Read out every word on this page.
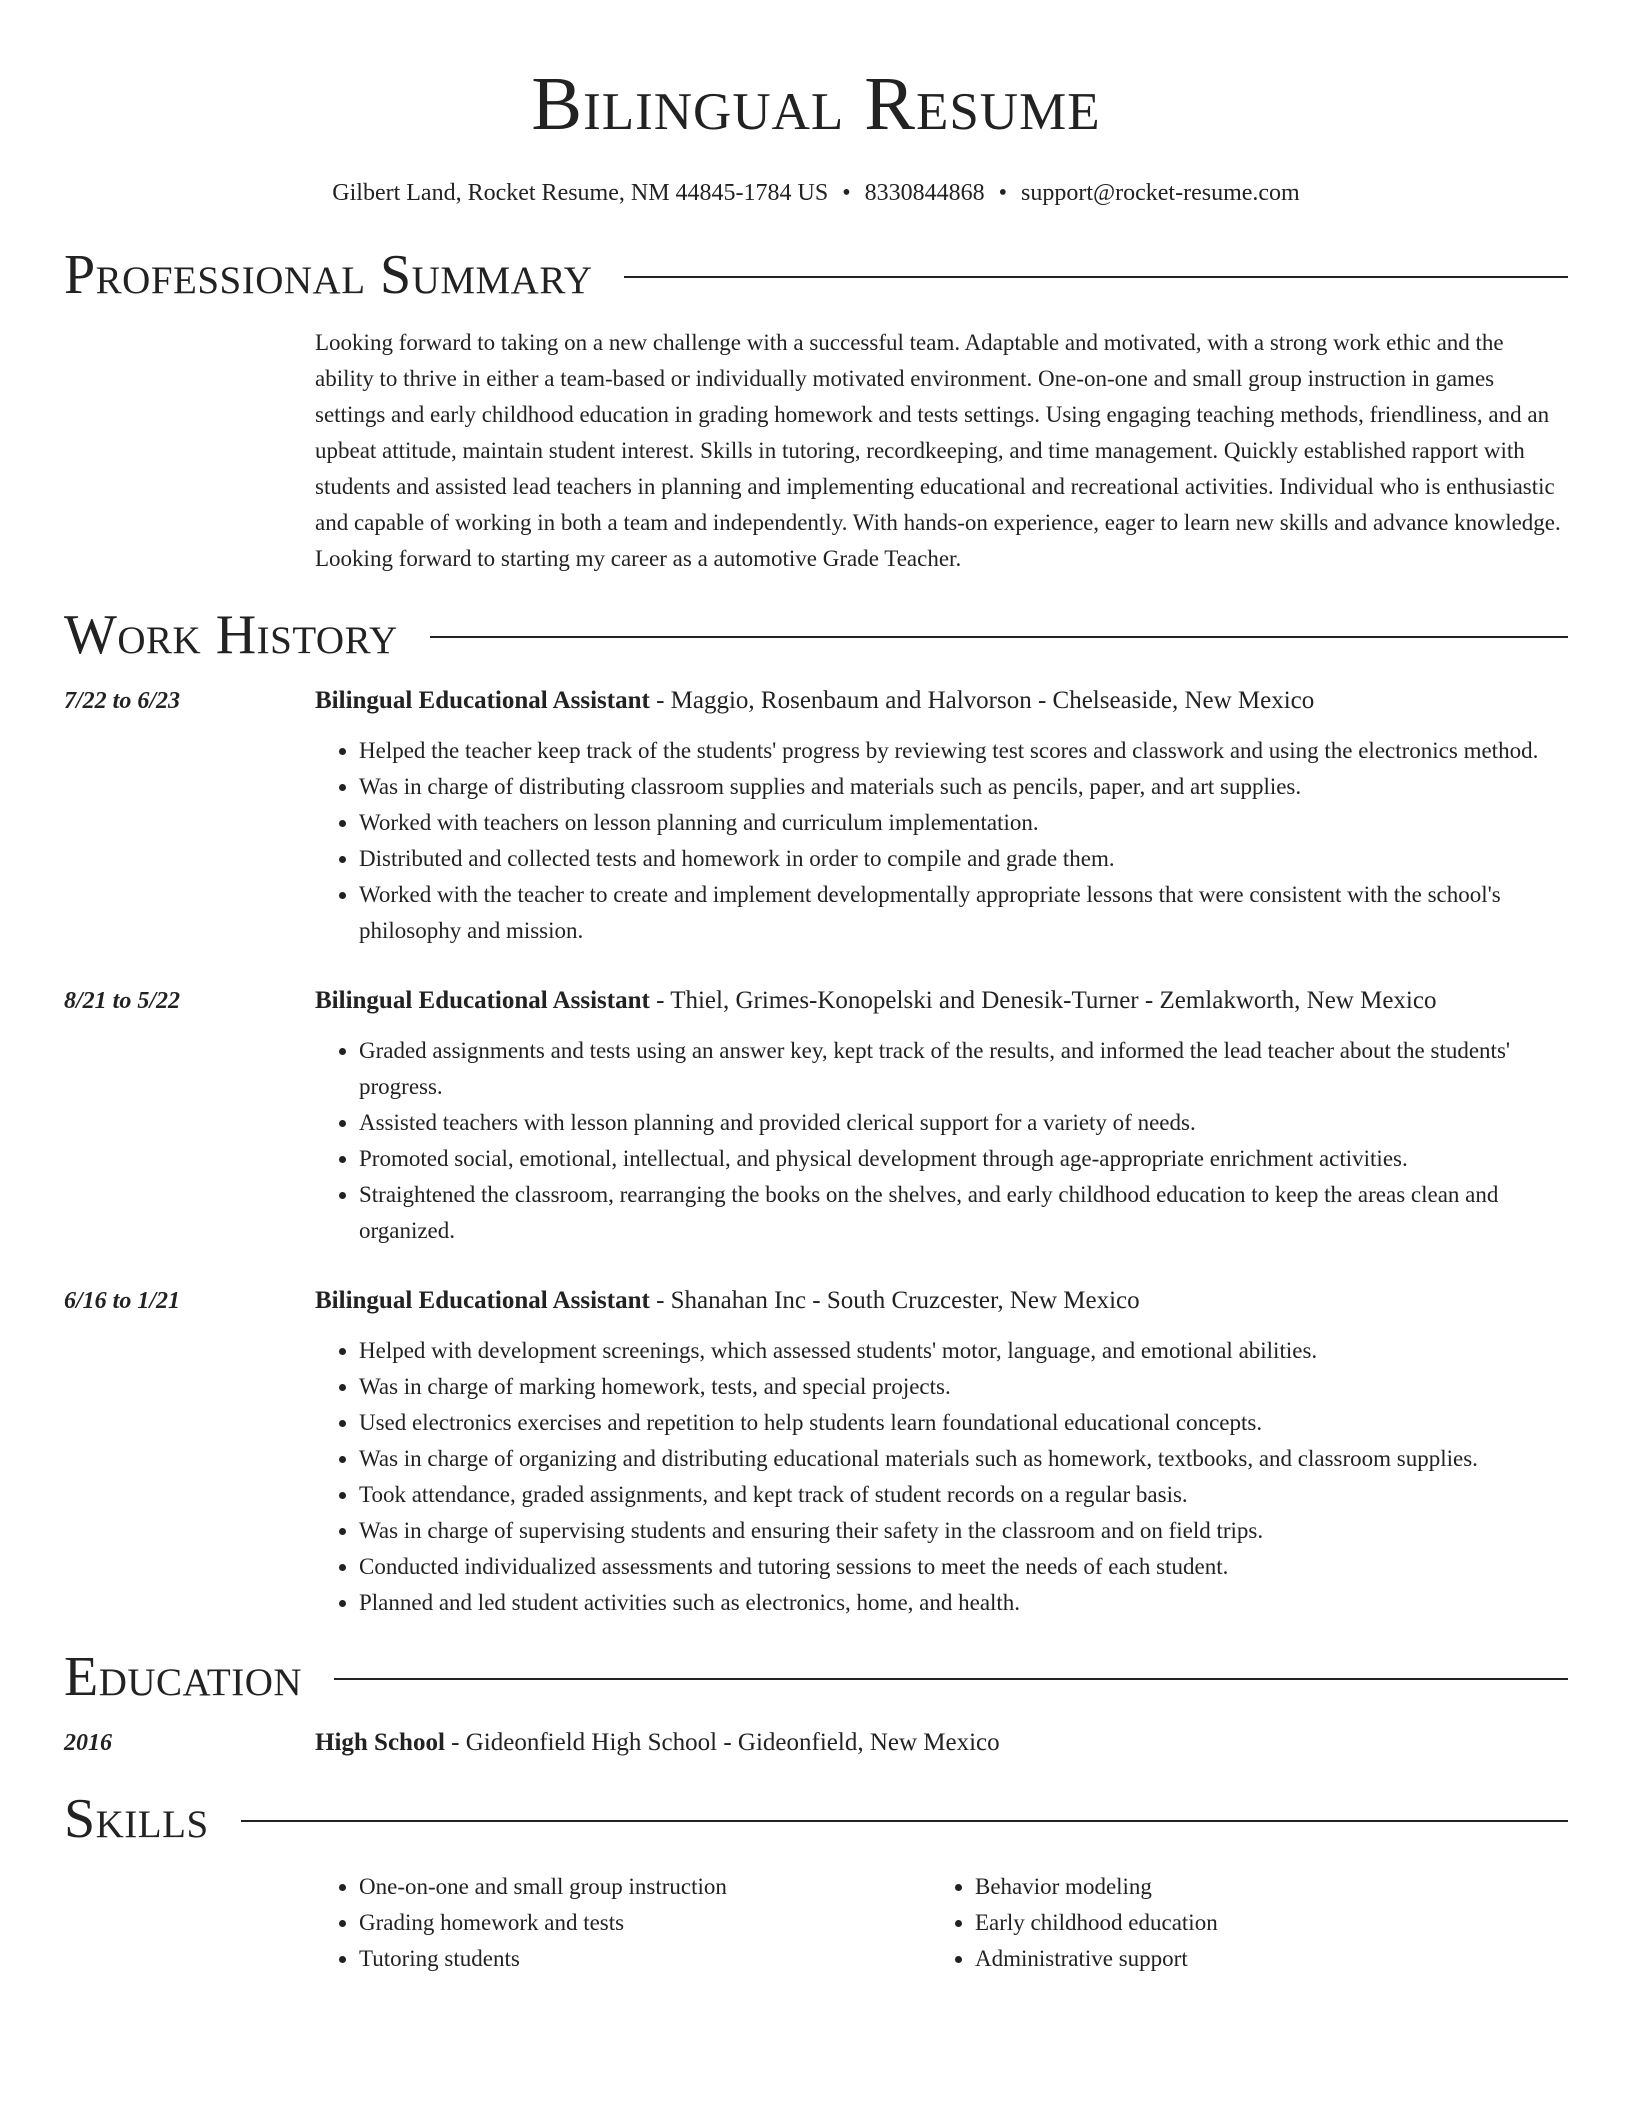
Bilingual Resume
Gilbert Land, Rocket Resume, NM 44845-1784 US • 8330844868 • support@rocket-resume.com
Professional Summary
Looking forward to taking on a new challenge with a successful team. Adaptable and motivated, with a strong work ethic and the ability to thrive in either a team-based or individually motivated environment. One-on-one and small group instruction in games settings and early childhood education in grading homework and tests settings. Using engaging teaching methods, friendliness, and an upbeat attitude, maintain student interest. Skills in tutoring, recordkeeping, and time management. Quickly established rapport with students and assisted lead teachers in planning and implementing educational and recreational activities. Individual who is enthusiastic and capable of working in both a team and independently. With hands-on experience, eager to learn new skills and advance knowledge. Looking forward to starting my career as a automotive Grade Teacher.
Work History
7/22 to 6/23	Bilingual Educational Assistant - Maggio, Rosenbaum and Halvorson - Chelseaside, New Mexico
• Helped the teacher keep track of the students' progress by reviewing test scores and classwork and using the electronics method.
• Was in charge of distributing classroom supplies and materials such as pencils, paper, and art supplies.
• Worked with teachers on lesson planning and curriculum implementation.
• Distributed and collected tests and homework in order to compile and grade them.
• Worked with the teacher to create and implement developmentally appropriate lessons that were consistent with the school's philosophy and mission.
8/21 to 5/22	Bilingual Educational Assistant - Thiel, Grimes-Konopelski and Denesik-Turner - Zemlakworth, New Mexico
• Graded assignments and tests using an answer key, kept track of the results, and informed the lead teacher about the students' progress.
• Assisted teachers with lesson planning and provided clerical support for a variety of needs.
• Promoted social, emotional, intellectual, and physical development through age-appropriate enrichment activities.
• Straightened the classroom, rearranging the books on the shelves, and early childhood education to keep the areas clean and organized.
6/16 to 1/21	Bilingual Educational Assistant - Shanahan Inc - South Cruzcester, New Mexico
• Helped with development screenings, which assessed students' motor, language, and emotional abilities.
• Was in charge of marking homework, tests, and special projects.
• Used electronics exercises and repetition to help students learn foundational educational concepts.
• Was in charge of organizing and distributing educational materials such as homework, textbooks, and classroom supplies.
• Took attendance, graded assignments, and kept track of student records on a regular basis.
• Was in charge of supervising students and ensuring their safety in the classroom and on field trips.
• Conducted individualized assessments and tutoring sessions to meet the needs of each student.
• Planned and led student activities such as electronics, home, and health.
Education
2016	High School - Gideonfield High School - Gideonfield, New Mexico
Skills
• One-on-one and small group instruction
• Grading homework and tests
• Tutoring students
• Behavior modeling
• Early childhood education
• Administrative support
